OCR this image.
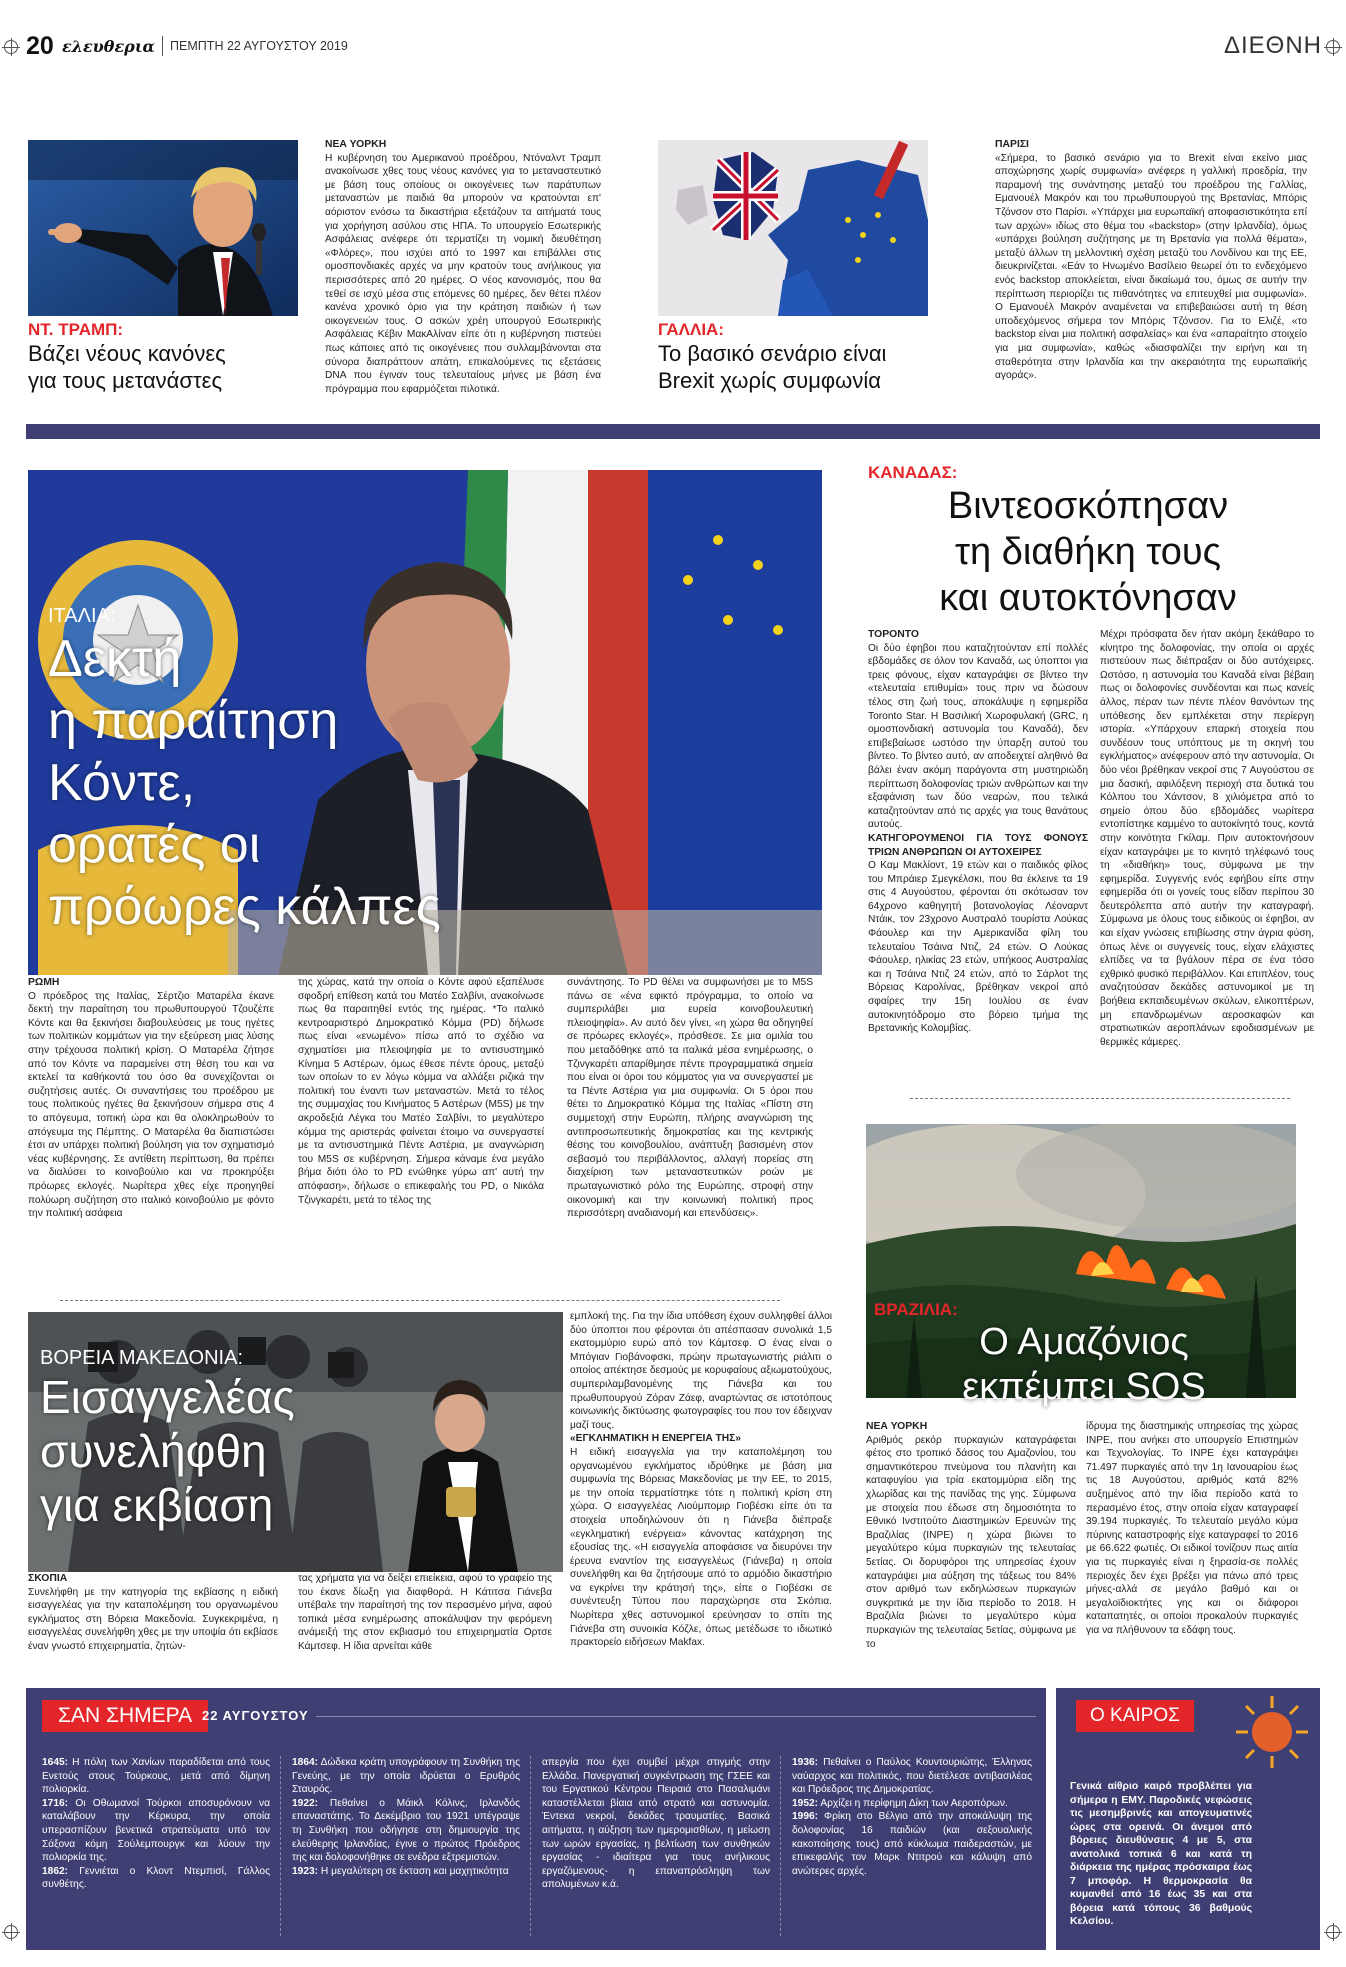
20 ελευθερια ΠΕΜΠΤΗ 22 ΑΥΓΟΥΣΤΟΥ 2019	ΔΙΕΘΝΗ
ΝΤ. ΤΡΑΜΠ:
Βάζει νέους κανόνες
για τους μετανάστες
ΝΕΑ ΥΟΡΚΗ

Η κυβέρνηση του Αμερικανού προέδρου, Ντόναλντ Τραμπ ανακοίνωσε χθες τους νέους κανόνες για το μεταναστευτικό με βάση τους οποίους οι οικογένειες των παράτυπων μεταναστών με παιδιά θα μπορούν να κρατούνται επ' αόριστον ενόσω τα δικαστήρια εξετάζουν τα αιτήματά τους για χορήγηση ασύλου στις ΗΠΑ. Το υπουργείο Εσωτερικής Ασφάλειας ανέφερε ότι τερματίζει τη νομική διευθέτηση «Φλόρες», που ισχύει από το 1997 και επιβάλλει στις ομοσπονδιακές αρχές να μην κρατούν τους ανήλικους για περισσότερες από 20 ημέρες. Ο νέος κανονισμός, που θα τεθεί σε ισχύ μέσα στις επόμενες 60 ημέρες, δεν θέτει πλέον κανένα χρονικό όριο για την κράτηση παιδιών ή των οικογενειών τους. Ο ασκών χρέη υπουργού Εσωτερικής Ασφάλειας Κέβιν ΜακΑλίναν είπε ότι η κυβέρνηση πιστεύει πως κάποιες από τις οικογένειες που συλλαμβάνονται στα σύνορα διαπράττουν απάτη, επικαλούμενες τις εξετάσεις DNA που έγιναν τους τελευταίους μήνες με βάση ένα πρόγραμμα που εφαρμόζεται πιλοτικά.

ΓΑΛΛΙΑ:
Το βασικό σενάριο είναι
Brexit χωρίς συμφωνία
ΠΑΡΙΣΙ

«Σήμερα, το βασικό σενάριο για το Brexit είναι εκείνο μιας αποχώρησης χωρίς συμφωνία» ανέφερε η γαλλική προεδρία, την παραμονή της συνάντησης μεταξύ του προέδρου της Γαλλίας, Εμανουέλ Μακρόν και του πρωθυπουργού της Βρετανίας, Μπόρις Τζόνσον στο Παρίσι. «Υπάρχει μια ευρωπαϊκή αποφασιστικότητα επί των αρχών» ιδίως στο θέμα του «backstop» (στην Ιρλανδία), όμως «υπάρχει βούληση συζήτησης με τη Βρετανία για πολλά θέματα», μεταξύ άλλων τη μελλοντική σχέση μεταξύ του Λονδίνου και της ΕΕ, διευκρινίζεται. «Εάν το Ηνωμένο Βασίλειο θεωρεί ότι το ενδεχόμενο ενός backstop αποκλείεται, είναι δικαίωμά του, όμως σε αυτήν την περίπτωση περιορίζει τις πιθανότητες να επιτευχθεί μια συμφωνία». Ο Εμανουέλ Μακρόν αναμένεται να επιβεβαιώσει αυτή τη θέση υποδεχόμενος σήμερα τον Μπόρις Τζόνσον. Για το Ελιζέ, «το backstop είναι μια πολιτική ασφαλείας» και ένα «απαραίτητο στοιχείο για μια συμφωνία», καθώς «διασφαλίζει την ειρήνη και τη σταθερότητα στην Ιρλανδία και την ακεραιότητα της ευρωπαϊκής αγοράς».

ΙΤΑΛΙΑ:
Δεκτή
η παραίτηση
Κόντε,
ορατές οι
πρόωρες κάλπες
ΡΩΜΗ

Ο πρόεδρος της Ιταλίας, Σέρτζιο Ματαρέλα έκανε δεκτή την παραίτηση του πρωθυπουργού Τζουζέπε Κόντε και θα ξεκινήσει διαβουλεύσεις με τους ηγέτες των πολιτικών κομμάτων για την εξεύρεση μιας λύσης στην τρέχουσα πολιτική κρίση. Ο Ματαρέλα ζήτησε από τον Κόντε να παραμείνει στη θέση του και να εκτελεί τα καθήκοντά του όσο θα συνεχίζονται οι συζητήσεις αυτές. Οι συναντήσεις του προέδρου με τους πολιτικούς ηγέτες θα ξεκινήσουν σήμερα στις 4 το απόγευμα, τοπική ώρα και θα ολοκληρωθούν το απόγευμα της Πέμπτης. Ο Ματαρέλα θα διαπιστώσει έτσι αν υπάρχει πολιτική βούληση για τον σχηματισμό νέας κυβέρνησης. Σε αντίθετη περίπτωση, θα πρέπει να διαλύσει το κοινοβούλιο και να προκηρύξει πρόωρες εκλογές. Νωρίτερα χθες είχε προηγηθεί πολύωρη συζήτηση στο ιταλικό κοινοβούλιο με φόντο την πολιτική ασάφεια

της χώρας, κατά την οποία ο Κόντε αφού εξαπέλυσε σφοδρή επίθεση κατά του Ματέο Σαλβίνι, ανακοίνωσε πως θα παραιτηθεί εντός της ημέρας. *Το ιταλικό κεντροαριστερό Δημοκρατικό Κόμμα (PD) δήλωσε πως είναι «ενωμένο» πίσω από το σχέδιο να σχηματίσει μια πλειοψηφία με το αντισυστημικό Κίνημα 5 Αστέρων, όμως έθεσε πέντε όρους, μεταξύ των οποίων το εν λόγω κόμμα να αλλάξει ριζικά την πολιτική του έναντι των μεταναστών. Μετά το τέλος της συμμαχίας του Κινήματος 5 Αστέρων (M5S) με την ακροδεξιά Λέγκα του Ματέο Σαλβίνι, το μεγαλύτερο κόμμα της αριστεράς φαίνεται έτοιμο να συνεργαστεί με τα αντισυστημικά Πέντε Αστέρια, με αναγνώριση του M5S σε κυβέρνηση. Σήμερα κάναμε ένα μεγάλο βήμα διότι όλο το PD ενώθηκε γύρω απ' αυτή την απόφαση», δήλωσε ο επικεφαλής του PD, ο Νικόλα Τζινγκαρέτι, μετά το τέλος της

συνάντησης. Το PD θέλει να συμφωνήσει με το M5S πάνω σε «ένα εφικτό πρόγραμμα, το οποίο να συμπεριλάβει μια ευρεία κοινοβουλευτική πλειοψηφία». Αν αυτό δεν γίνει, «η χώρα θα οδηγηθεί σε πρόωρες εκλογές», πρόσθεσε. Σε μια ομιλία του που μεταδόθηκε από τα ιταλικά μέσα ενημέρωσης, ο Τζινγκαρέτι απαρίθμησε πέντε προγραμματικά σημεία που είναι οι όροι του κόμματος για να συνεργαστεί με τα Πέντε Αστέρια για μια συμφωνία. Οι 5 όροι που θέτει το Δημοκρατικό Κόμμα της Ιταλίας «Πίστη στη συμμετοχή στην Ευρώπη, πλήρης αναγνώριση της αντιπροσωπευτικής δημοκρατίας και της κεντρικής θέσης του κοινοβουλίου, ανάπτυξη βασισμένη στον σεβασμό του περιβάλλοντος, αλλαγή πορείας στη διαχείριση των μεταναστευτικών ροών με πρωταγωνιστικό ρόλο της Ευρώπης, στροφή στην οικονομική και την κοινωνική πολιτική προς περισσότερη αναδιανομή και επενδύσεις».

ΚΑΝΑΔΑΣ:
Βιντεοσκόπησαν
τη διαθήκη τους
και αυτοκτόνησαν
ΤΟΡΟΝΤΟ

Οι δύο έφηβοι που καταζητούνταν επί πολλές εβδομάδες σε όλον τον Καναδά, ως ύποπτοι για τρεις φόνους, είχαν καταγράψει σε βίντεο την «τελευταία επιθυμία» τους πριν να δώσουν τέλος στη ζωή τους, αποκάλυψε η εφημερίδα Toronto Star. Η Βασιλική Χωροφυλακή (GRC, η ομοσπονδιακή αστυνομία του Καναδά), δεν επιβεβαίωσε ωστόσο την ύπαρξη αυτού του βίντεο. Το βίντεο αυτό, αν αποδειχτεί αληθινό θα βάλει έναν ακόμη παράγοντα στη μυστηριώδη περίπτωση δολοφονίας τριών ανθρώπων και την εξαφάνιση των δύο νεαρών, που τελικά καταζητούνταν από τις αρχές για τους θανάτους αυτούς.

ΚΑΤΗΓΟΡΟΥΜΕΝΟΙ ΓΙΑ ΤΟΥΣ ΦΟΝΟΥΣ ΤΡΙΩΝ ΑΝΘΡΩΠΩΝ ΟΙ ΑΥΤΟΧΕΙΡΕΣ

Ο Καμ Μακλίοντ, 19 ετών και ο παιδικός φίλος του Μπράιερ Σμεγκέλσκι, που θα έκλεινε τα 19 στις 4 Αυγούστου, φέρονται ότι σκότωσαν τον 64χρονο καθηγητή βοτανολογίας Λέοναρντ Ντάικ, τον 23χρονο Αυστραλό τουρίστα Λούκας Φάουλερ και την Αμερικανίδα φίλη του τελευταίου Τσάινα Ντιζ, 24 ετών. Ο Λούκας Φάουλερ, ηλικίας 23 ετών, υπήκοος Αυστραλίας και η Τσάινα Ντιζ 24 ετών, από το Σάρλοτ της Βόρειας Καρολίνας, βρέθηκαν νεκροί από σφαίρες την 15η Ιουλίου σε έναν αυτοκινητόδρομο στο βόρειο τμήμα της Βρετανικής Κολομβίας.

Μέχρι πρόσφατα δεν ήταν ακόμη ξεκάθαρο το κίνητρο της δολοφονίας, την οποία οι αρχές πιστεύουν πως διέπραξαν οι δύο αυτόχειρες. Ωστόσο, η αστυνομία του Καναδά είναι βέβαιη πως οι δολοφονίες συνδέονται και πως κανείς άλλος, πέραν των πέντε πλέον θανόντων της υπόθεσης δεν εμπλέκεται στην περίεργη ιστορία. «Υπάρχουν επαρκή στοιχεία που συνδέουν τους υπόπτους με τη σκηνή του εγκλήματος» ανέφερουν από την αστυνομία. Οι δύο νέοι βρέθηκαν νεκροί στις 7 Αυγούστου σε μια δασική, αφιλόξενη περιοχή στα δυτικά του Κόλπου του Χάντσον, 8 χιλιόμετρα από το σημείο όπου δύο εβδομάδες νωρίτερα εντοπίστηκε καμμένο το αυτοκίνητό τους, κοντά στην κοινότητα Γκίλαμ. Πριν αυτοκτονήσουν είχαν καταγράψει με το κινητό τηλέφωνό τους τη «διαθήκη» τους, σύμφωνα με την εφημερίδα. Συγγενής ενός εφήβου είπε στην εφημερίδα ότι οι γονείς τους είδαν περίπου 30 δευτερόλεπτα από αυτήν την καταγραφή. Σύμφωνα με όλους τους ειδικούς οι έφηβοι, αν και είχαν γνώσεις επιβίωσης στην άγρια φύση, όπως λένε οι συγγενείς τους, είχαν ελάχιστες ελπίδες να τα βγάλουν πέρα σε ένα τόσο εχθρικό φυσικό περιβάλλον. Και επιπλέον, τους αναζητούσαν δεκάδες αστυνομικοί με τη βοήθεια εκπαιδευμένων σκύλων, ελικοπτέρων, μη επανδρωμένων αεροσκαφών και στρατιωτικών αεροπλάνων εφοδιασμένων με θερμικές κάμερες.

ΒΡΑΖΙΛΙΑ:
Ο Αμαζόνιος
εκπέμπει SOS
ΝΕΑ ΥΟΡΚΗ

Αριθμός ρεκόρ πυρκαγιών καταγράφεται φέτος στο τροπικό δάσος του Αμαζονίου, του σημαντικότερου πνεύμονα του πλανήτη και καταφυγίου για τρία εκατομμύρια είδη της χλωρίδας και της πανίδας της γης. Σύμφωνα με στοιχεία που έδωσε στη δημοσιότητα το Εθνικό Ινστιτούτο Διαστημικών Ερευνών της Βραζιλίας (INPE) η χώρα βιώνει το μεγαλύτερο κύμα πυρκαγιών της τελευταίας 5ετίας. Οι δορυφόροι της υπηρεσίας έχουν καταγράψει μια αύξηση της τάξεως του 84% στον αριθμό των εκδηλώσεων πυρκαγιών συγκριτικά με την ίδια περίοδο το 2018. Η Βραζιλία βιώνει το μεγαλύτερο κύμα πυρκαγιών της τελευταίας 5ετίας, σύμφωνα με το

ίδρυμα της διαστημικής υπηρεσίας της χώρας INPE, που ανήκει στο υπουργείο Επιστημών και Τεχνολογίας. Το INPE έχει καταγράψει 71.497 πυρκαγιές από την 1η Ιανουαρίου έως τις 18 Αυγούστου, αριθμός κατά 82% αυξημένος από την ίδια περίοδο κατά το περασμένο έτος, στην οποία είχαν καταγραφεί 39.194 πυρκαγιές. Το τελευταίο μεγάλο κύμα πύρινης καταστροφής είχε καταγραφεί το 2016 με 66.622 φωτιές. Οι ειδικοί τονίζουν πως αιτία για τις πυρκαγιές είναι η ξηρασία-σε πολλές περιοχές δεν έχει βρέξει για πάνω από τρεις μήνες-αλλά σε μεγάλο βαθμό και οι μεγαλοϊδιοκτήτες γης και οι διάφοροι καταπατητές, οι οποίοι προκαλούν πυρκαγιές για να πλήθυνουν τα εδάφη τους.

ΒΟΡΕΙΑ ΜΑΚΕΔΟΝΙΑ:
Εισαγγελέας
συνελήφθη
για εκβίαση
ΣΚΟΠΙΑ

Συνελήφθη με την κατηγορία της εκβίασης η ειδική εισαγγελέας για την καταπολέμηση του οργανωμένου εγκλήματος στη Βόρεια Μακεδονία. Συγκεκριμένα, η εισαγγελέας συνελήφθη χθες με την υποψία ότι εκβίασε έναν γνωστό επιχειρηματία, ζητών-

τας χρήματα για να δείξει επιείκεια, αφού το γραφείο της του έκανε δίωξη για διαφθορά. Η Κάτιτσα Γιάνεβα υπέβαλε την παραίτησή της τον περασμένο μήνα, αφού τοπικά μέσα ενημέρωσης αποκάλυψαν την φερόμενη ανάμειξή της στον εκβιασμό του επιχειρηματία Ορτσε Κάμτσεφ. Η ίδια αρνείται κάθε

εμπλοκή της. Για την ίδια υπόθεση έχουν συλληφθεί άλλοι δύο ύποπτοι που φέρονται ότι απέσπασαν συνολικά 1,5 εκατομμύριο ευρώ από τον Κάμτσεφ. Ο ένας είναι ο Μπόγιαν Γιοβάνοφσκι, πρώην πρωταγωνιστής ριάλιτι ο οποίος απέκτησε δεσμούς με κορυφαίους αξιωματούχους, συμπεριλαμβανομένης της Γιάνεβα και του πρωθυπουργού Ζόραν Ζάεφ, αναρτώντας σε ιστοτόπους κοινωνικής δικτύωσης φωτογραφίες του που τον έδειχναν μαζί τους.

«ΕΓΚΛΗΜΑΤΙΚΗ Η ΕΝΕΡΓΕΙΑ ΤΗΣ»

Η ειδική εισαγγελία για την καταπολέμηση του οργανωμένου εγκλήματος ιδρύθηκε με βάση μια συμφωνία της Βόρειας Μακεδονίας με την ΕΕ, το 2015, με την οποία τερματίστηκε τότε η πολιτική κρίση στη χώρα. Ο εισαγγελέας Λιούμπομιρ Γιοβέσκι είπε ότι τα στοιχεία υποδηλώνουν ότι η Γιάνεβα διέπραξε «εγκληματική ενέργεια» κάνοντας κατάχρηση της εξουσίας της. «Η εισαγγελία αποφάσισε να διευρύνει την έρευνα εναντίον της εισαγγελέως (Γιάνεβα) η οποία συνελήφθη και θα ζητήσουμε από το αρμόδιο δικαστήριο να εγκρίνει την κράτησή της», είπε ο Γιοβέσκι σε συνέντευξη Τύπου που παραχώρησε στα Σκόπια. Νωρίτερα χθες αστυνομικοί ερεύνησαν το σπίτι της Γιάνεβα στη συνοικία Κόζλε, όπως μετέδωσε το ιδιωτικό πρακτορείο ειδήσεων Makfax.

ΣΑΝ ΣΗΜΕΡΑ 22 ΑΥΓΟΥΣΤΟΥ

1645: Η πόλη των Χανίων παραδίδεται από τους Ενετούς στους Τούρκους, μετά από δίμηνη πολιορκία.

1716: Οι Οθωμανοί Τούρκοι αποσυρόνουν να καταλάβουν την Κέρκυρα, την οποία υπερασπίζουν βενετικά στρατεύματα υπό τον Σάξονα κόμη Σούλεμπουργκ και λύουν την πολιορκία της.

1862: Γεννιέται ο Κλοντ Ντεμπισί, Γάλλος συνθέτης.

1864: Δώδεκα κράτη υπογράφουν τη Συνθήκη της Γενεύης, με την οποία ιδρύεται ο Ερυθρός Σταυρός.

1922: Πεθαίνει ο Μάικλ Κόλινς, Ιρλανδός επαναστάτης. Το Δεκέμβριο του 1921 υπέγραψε τη Συνθήκη που οδήγησε στη δημιουργία της ελεύθερης Ιρλανδίας, έγινε ο πρώτος Πρόεδρος της και δολοφονήθηκε σε ενέδρα εξτρεμιστών.

1923: Η μεγαλύτερη σε έκταση και μαχητικότητα

απεργία που έχει συμβεί μέχρι στιγμής στην Ελλάδα. Πανεργατική συγκέντρωση της ΓΣΕΕ και του Εργατικού Κέντρου Πειραιά στο Πασαλιμάνι καταστέλλεται βίαια από στρατό και αστυνομία. Έντεκα νεκροί, δεκάδες τραυματίες. Βασικά αιτήματα, η αύξηση των ημερομισθίων, η μείωση των ωρών εργασίας, η βελτίωση των συνθηκών εργασίας - ιδιαίτερα για τους ανήλικους εργαζόμενους- η επαναπρόσληψη των απολυμένων κ.ά.

1936: Πεθαίνει ο Παύλος Κουντουριώτης, Έλληνας ναύαρχος και πολιτικός, που διετέλεσε αντιβασιλέας και Πρόεδρος της Δημοκρατίας.

1952: Αρχίζει η περίφημη Δίκη των Αεροπόρων.

1996: Φρίκη στο Βέλγιο από την αποκάλυψη της δολοφονίας 16 παιδιών (και σεξουαλικής κακοποίησης τους) από κύκλωμα παιδεραστών, με επικεφαλής τον Μαρκ Ντιτρού και κάλυψη από ανώτερες αρχές.

Ο ΚΑΙΡΟΣ
Γενικά αίθριο καιρό προβλέπει για σήμερα η ΕΜΥ. Παροδικές νεφώσεις τις μεσημβρινές και απογευματινές ώρες στα ορεινά. Οι άνεμοι από βόρειες διευθύνσεις 4 με 5, στα ανατολικά τοπικά 6 και κατά τη διάρκεια της ημέρας πρόσκαιρα έως 7 μποφόρ. Η θερμοκρασία θα κυμανθεί από 16 έως 35 και στα βόρεια κατά τόπους 36 βαθμούς Κελσίου.
